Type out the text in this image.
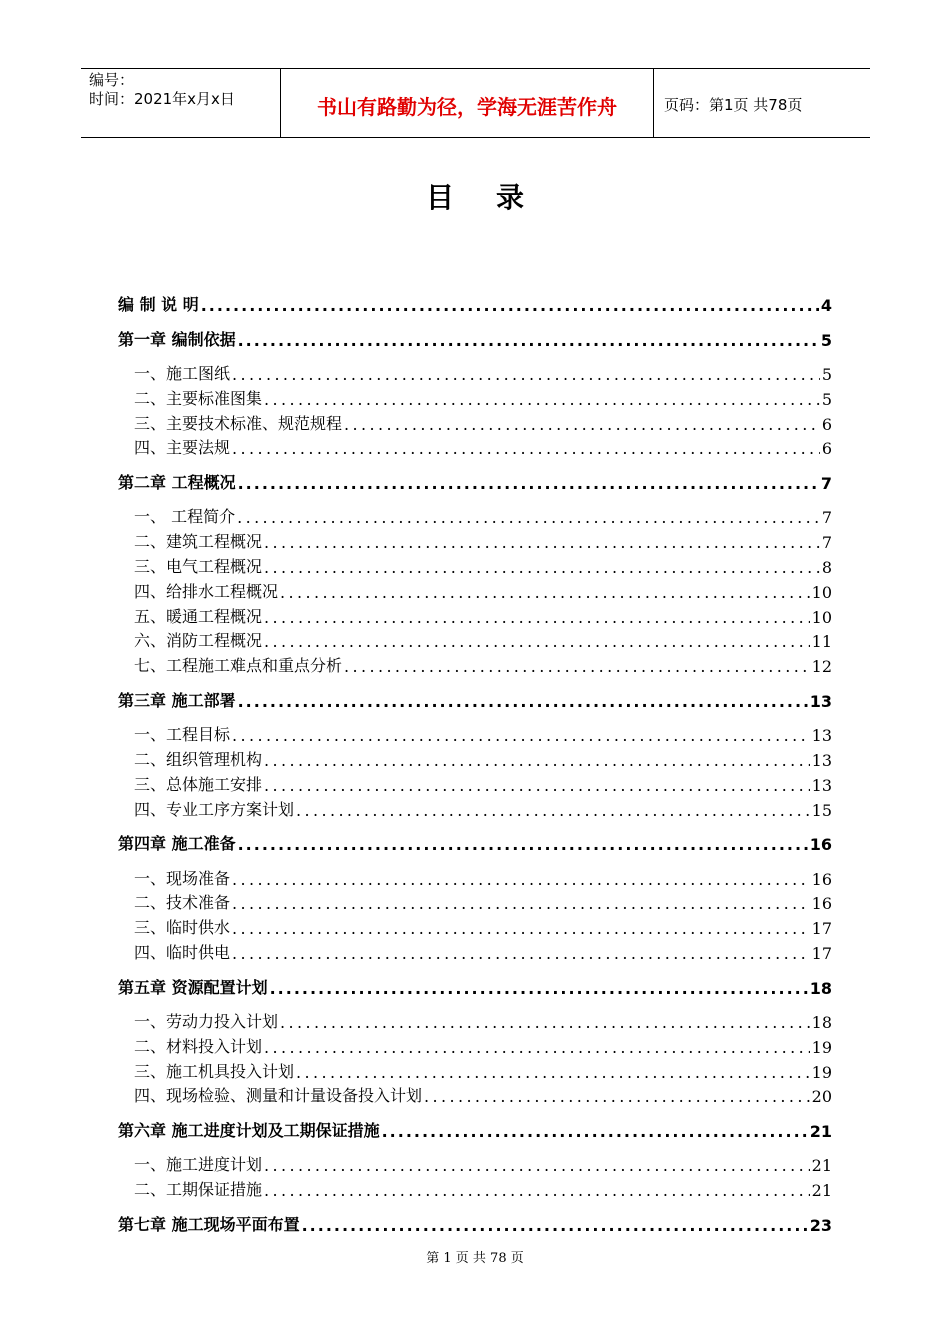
编号：
时间：2021年x月x日	书山有路勤为径，学海无涯苦作舟	页码：第1页 共78页
目录
编 制 说 明 .....	4
第一章 编制依据 .....	5
一、施工图纸 .....	5
二、主要标准图集 .....	5
三、主要技术标准、规范规程 .....	6
四、主要法规 .....	6
第二章 工程概况 .....	7
一、 工程简介 .....	7
二、建筑工程概况 .....	7
三、电气工程概况 .....	8
四、给排水工程概况 .....	10
五、暖通工程概况 .....	10
六、消防工程概况 .....	11
七、工程施工难点和重点分析 .....	12
第三章 施工部署 .....	13
一、工程目标 .....	13
二、组织管理机构 .....	13
三、总体施工安排 .....	13
四、专业工序方案计划 .....	15
第四章 施工准备 .....	16
一、现场准备 .....	16
二、技术准备 .....	16
三、临时供水 .....	17
四、临时供电 .....	17
第五章 资源配置计划 .....	18
一、劳动力投入计划 .....	18
二、材料投入计划 .....	19
三、施工机具投入计划 .....	19
四、现场检验、测量和计量设备投入计划 .....	20
第六章 施工进度计划及工期保证措施 .....	21
一、施工进度计划 .....	21
二、工期保证措施 .....	21
第七章 施工现场平面布置 .....	23
第 1 页 共 78 页
